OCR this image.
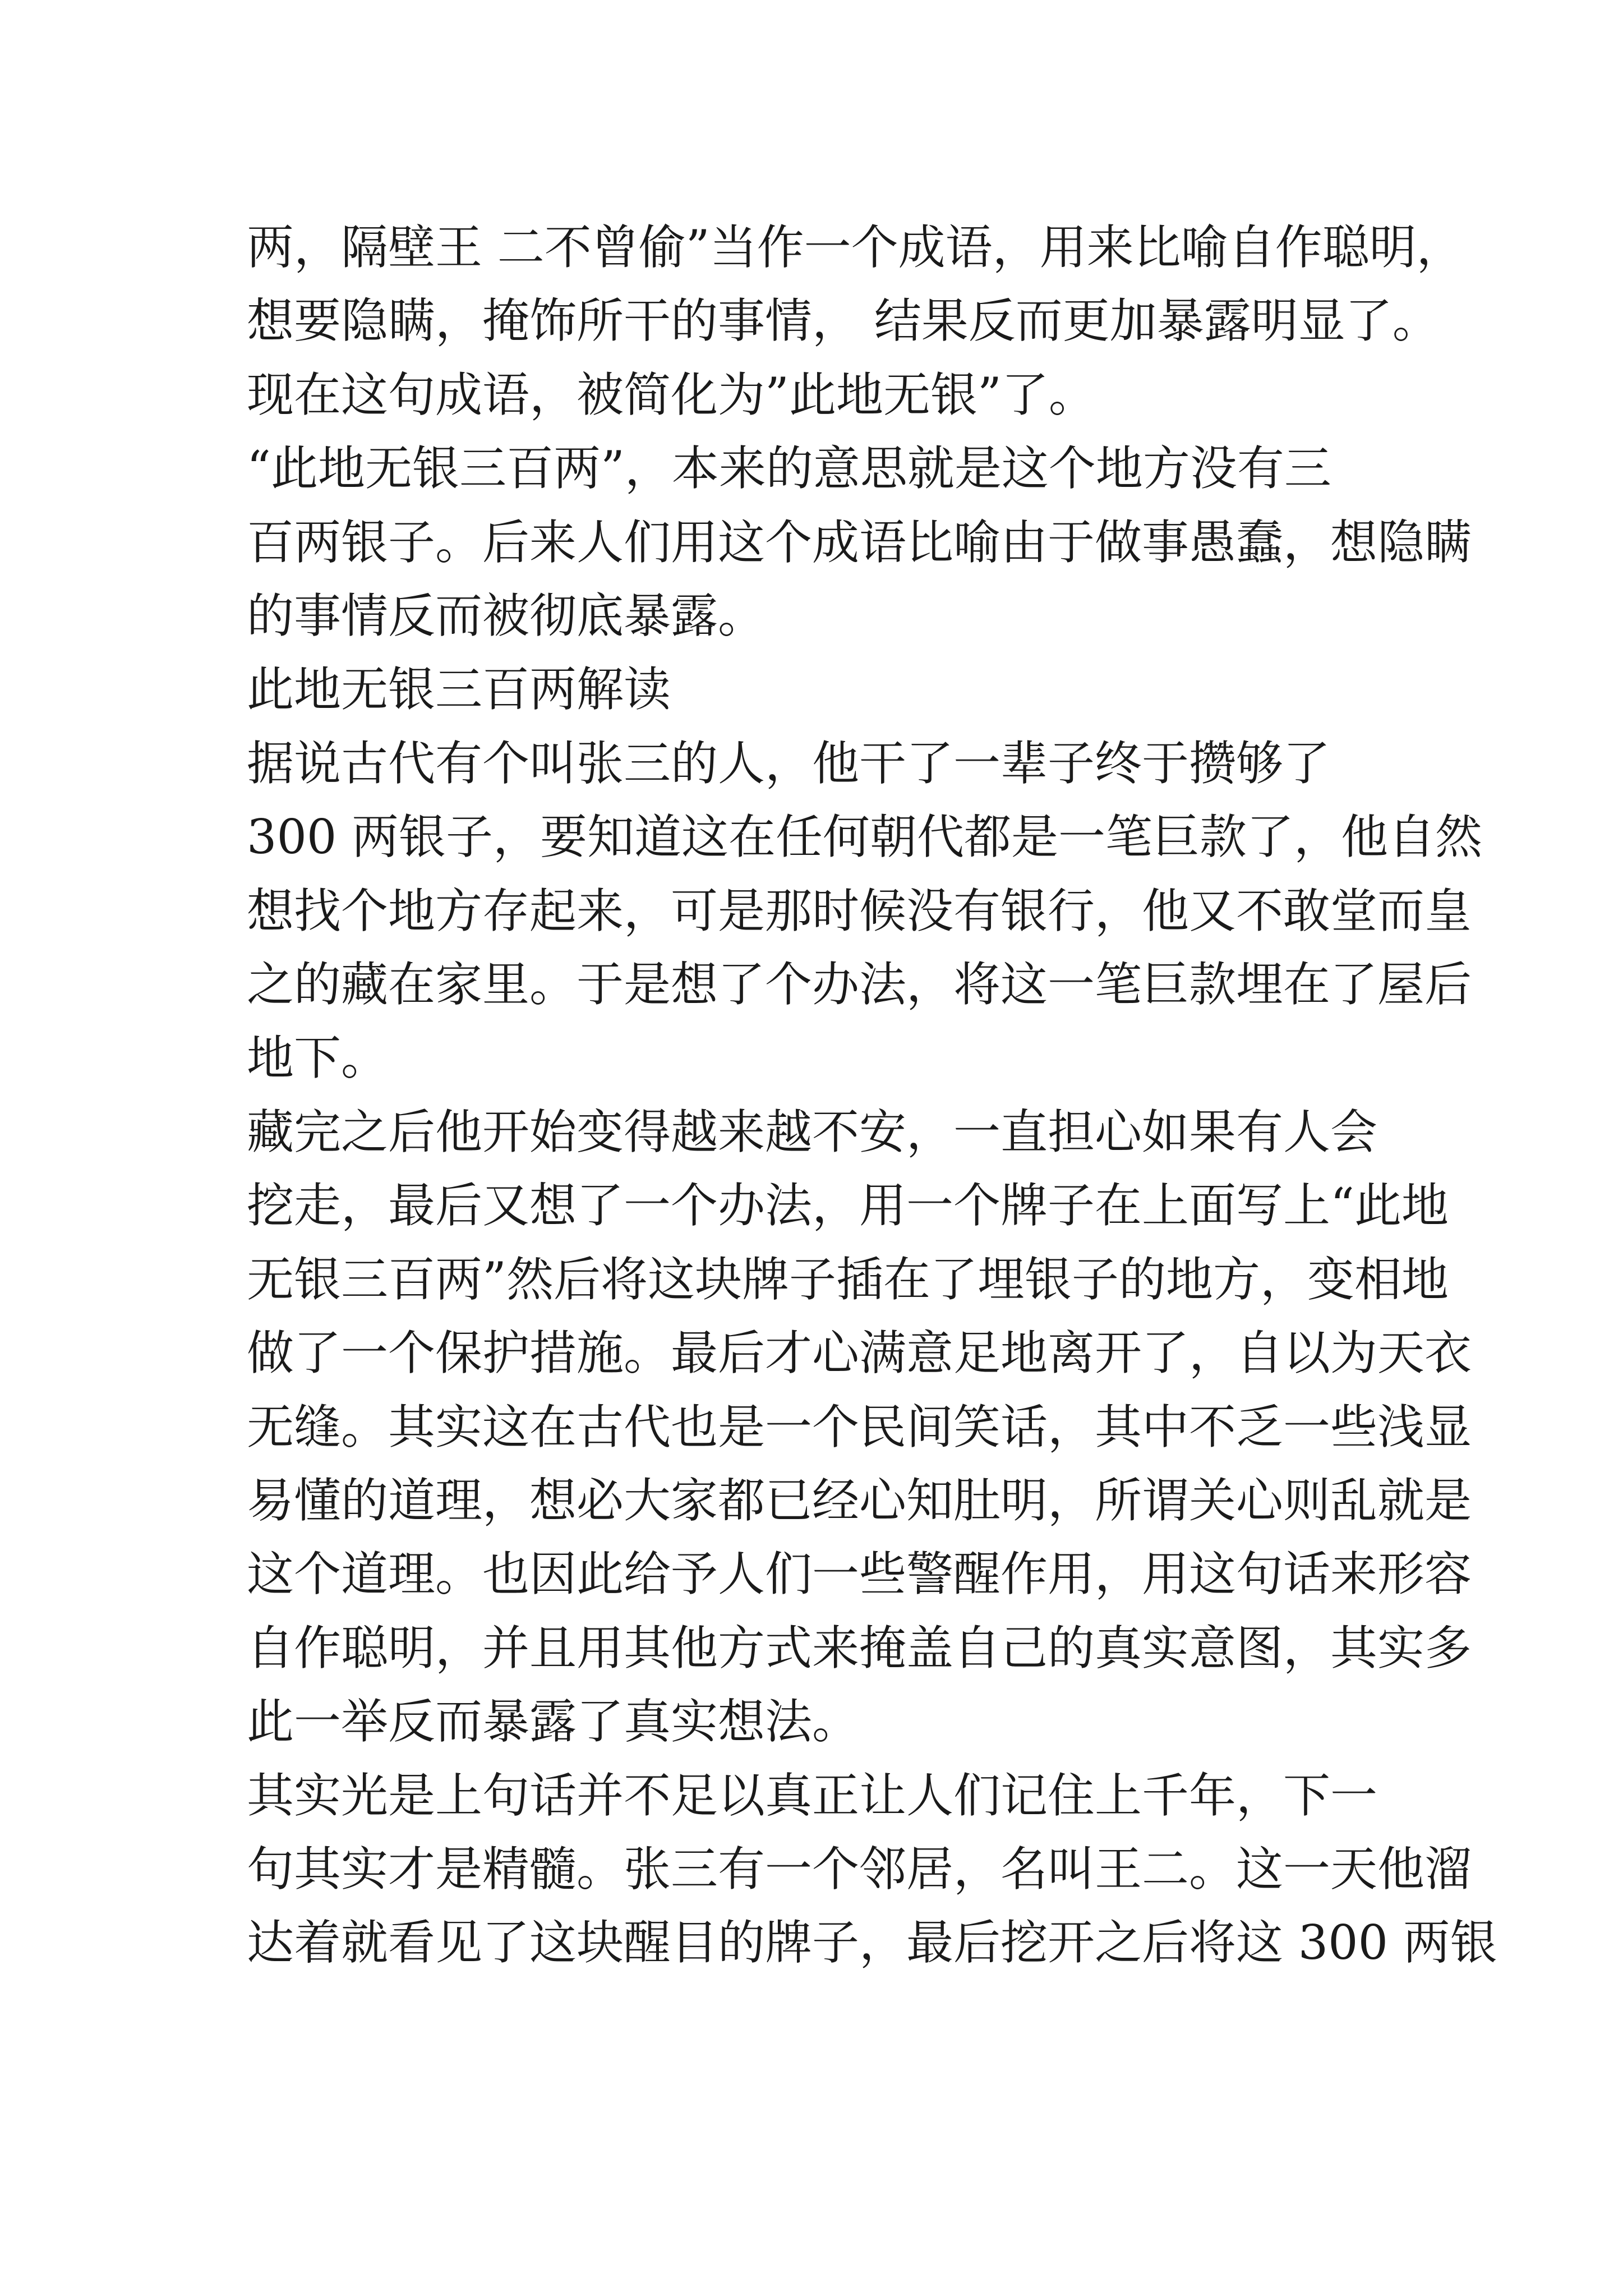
两，隔壁王 二不曾偷”当作一个成语，用来比喻自作聪明，

想要隐瞒，掩饰所干的事情， 结果反而更加暴露明显了。

现在这句成语，被简化为”此地无银”了。

“此地无银三百两”，本来的意思就是这个地方没有三

百两银子。后来人们用这个成语比喻由于做事愚蠢，想隐瞒

的事情反而被彻底暴露。

此地无银三百两解读

据说古代有个叫张三的人，他干了一辈子终于攒够了

300 两银子，要知道这在任何朝代都是一笔巨款了，他自然

想找个地方存起来，可是那时候没有银行，他又不敢堂而皇

之的藏在家里。于是想了个办法，将这一笔巨款埋在了屋后

地下。

藏完之后他开始变得越来越不安，一直担心如果有人会

挖走，最后又想了一个办法，用一个牌子在上面写上“此地

无银三百两”然后将这块牌子插在了埋银子的地方，变相地

做了一个保护措施。最后才心满意足地离开了，自以为天衣

无缝。其实这在古代也是一个民间笑话，其中不乏一些浅显

易懂的道理，想必大家都已经心知肚明，所谓关心则乱就是

这个道理。也因此给予人们一些警醒作用，用这句话来形容

自作聪明，并且用其他方式来掩盖自己的真实意图，其实多

此一举反而暴露了真实想法。

其实光是上句话并不足以真正让人们记住上千年，下一

句其实才是精髓。张三有一个邻居，名叫王二。这一天他溜

达着就看见了这块醒目的牌子，最后挖开之后将这 300 两银
